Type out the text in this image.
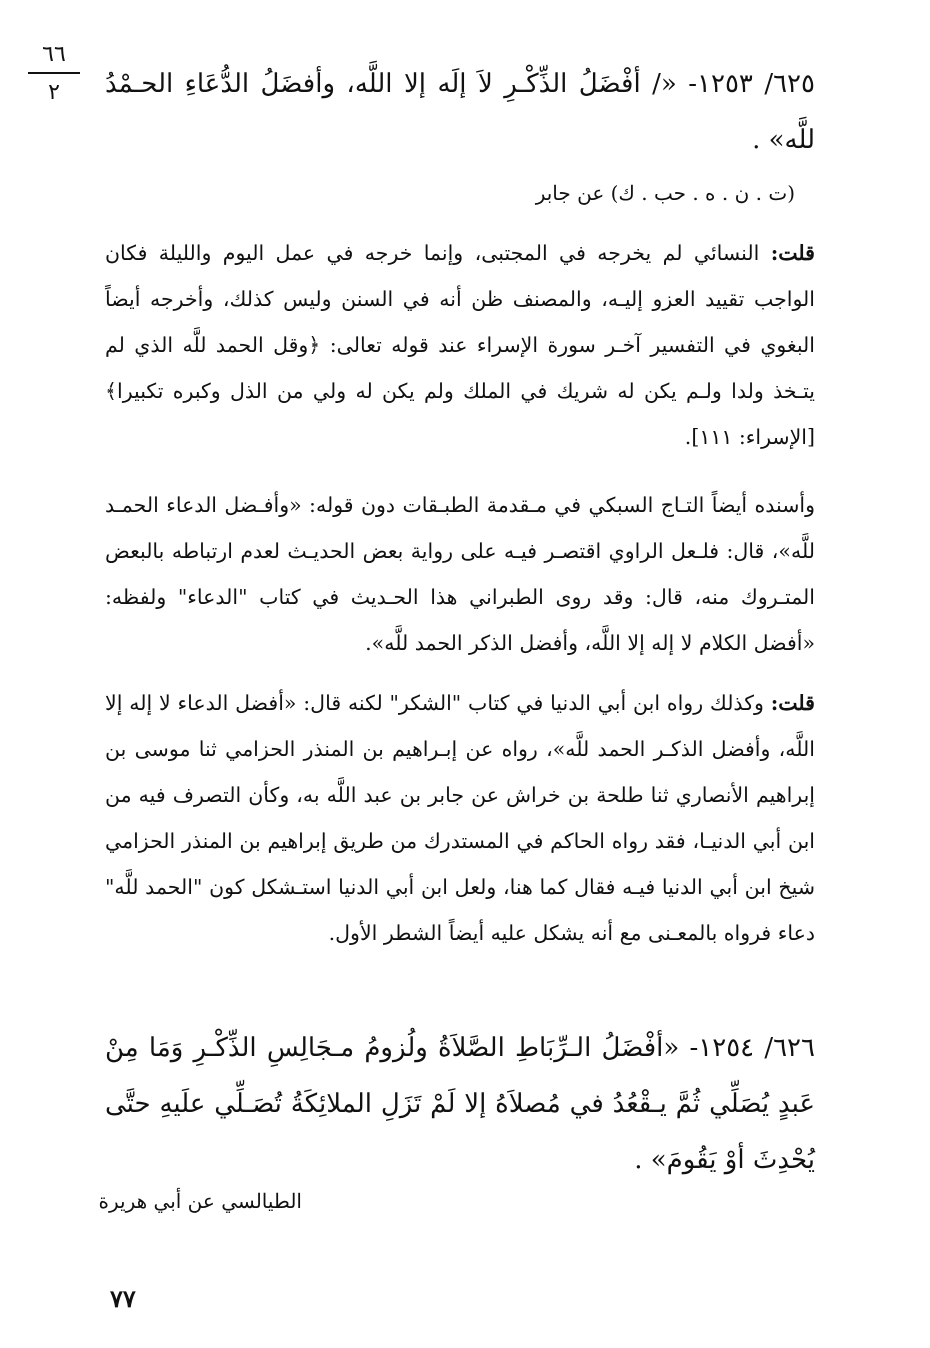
٦٦
٢	٦٢٥/ ١٢٥٣- «/ أفْضَلُ الذِّكْـرِ لاَ إلَه إلا اللَّه، وأفضَلُ الدُّعَاءِ الحـمْدُ للَّه» .
(ت . ن . ه . حب . ك) عن جابر

قلت: النسائي لم يخرجه في المجتبى، وإنما خرجه في عمل اليوم والليلة فكان الواجب تقييد العزو إليـه، والمصنف ظن أنه في السنن وليس كذلك، وأخرجه أيضاً البغوي في التفسير آخـر سورة الإسراء عند قوله تعالى: ﴿وقل الحمد للَّه الذي لم يتـخذ ولدا ولـم يكن له شريك في الملك ولم يكن له ولي من الذل وكبره تكبيرا﴾ [الإسراء: ١١١].

وأسنده أيضاً التـاج السبكي في مـقدمة الطبـقات دون قوله: «وأفـضل الدعاء الحمـد للَّه»، قال: فلـعل الراوي اقتصـر فيـه على رواية بعض الحديـث لعدم ارتباطه بالبعض المتـروك منه، قال: وقد روى الطبراني هذا الحـديث في كتاب "الدعاء" ولفظه: «أفضل الكلام لا إله إلا اللَّه، وأفضل الذكر الحمد للَّه».

قلت: وكذلك رواه ابن أبي الدنيا في كتاب "الشكر" لكنه قال: «أفضل الدعاء لا إله إلا اللَّه، وأفضل الذكـر الحمد للَّه»، رواه عن إبـراهيم بن المنذر الحزامي ثنا موسى بن إبراهيم الأنصاري ثنا طلحة بن خراش عن جابر بن عبد اللَّه به، وكأن التصرف فيه من ابن أبي الدنيـا، فقد رواه الحاكم في المستدرك من طريق إبراهيم بن المنذر الحزامي شيخ ابن أبي الدنيا فيـه فقال كما هنا، ولعل ابن أبي الدنيا استـشكل كون "الحمد للَّه" دعاء فرواه بالمعـنى مع أنه يشكل عليه أيضاً الشطر الأول.

٦٢٦/ ١٢٥٤- «أفْضَلُ الـرِّبَاطِ الصَّلاَةُ ولُزومُ مـجَالِسِ الذِّكْـرِ وَمَا مِنْ عَبدٍ يُصَلِّي ثُمَّ يـقْعُدُ في مُصلاَهُ إلا لَمْ تَزَلِ الملائِكَةُ تُصَـلِّي علَيهِ حتَّى يُحْدِثَ أوْ يَقُومَ» .
الطيالسي عن أبي هريرة
٧٧
